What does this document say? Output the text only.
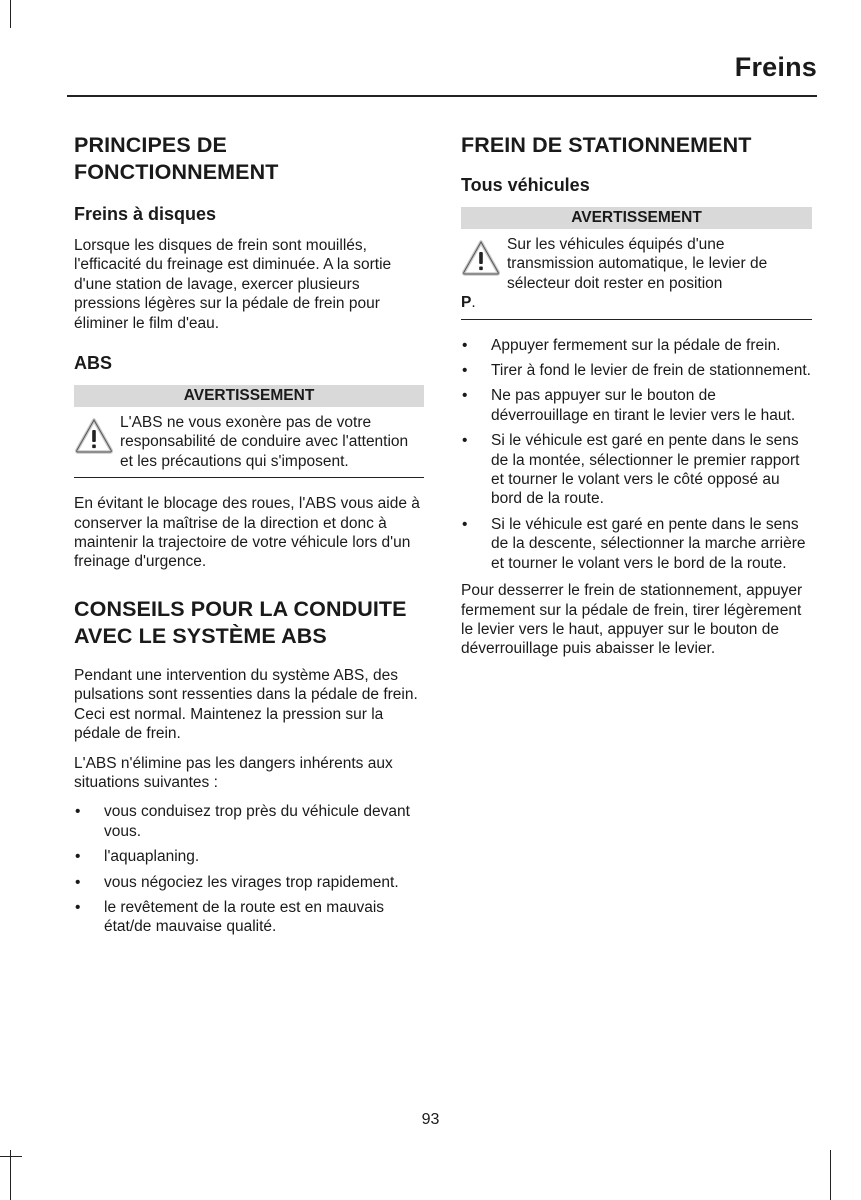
Freins
PRINCIPES DE FONCTIONNEMENT
Freins à disques

Lorsque les disques de frein sont mouillés, l'efficacité du freinage est diminuée. A la sortie d'une station de lavage, exercer plusieurs pressions légères sur la pédale de frein pour éliminer le film d'eau.

ABS
AVERTISSEMENT
L'ABS ne vous exonère pas de votre responsabilité de conduire avec l'attention et les précautions qui s'imposent.

En évitant le blocage des roues, l'ABS vous aide à conserver la maîtrise de la direction et donc à maintenir la trajectoire de votre véhicule lors d'un freinage d'urgence.

CONSEILS POUR LA CONDUITE AVEC LE SYSTÈME ABS

Pendant une intervention du système ABS, des pulsations sont ressenties dans la pédale de frein. Ceci est normal. Maintenez la pression sur la pédale de frein.

L'ABS n'élimine pas les dangers inhérents aux situations suivantes :

• vous conduisez trop près du véhicule devant vous.
• l'aquaplaning.
• vous négociez les virages trop rapidement.
• le revêtement de la route est en mauvais état/de mauvaise qualité.
FREIN DE STATIONNEMENT
Tous véhicules
AVERTISSEMENT
Sur les véhicules équipés d'une transmission automatique, le levier de sélecteur doit rester en position
P.
• Appuyer fermement sur la pédale de frein.
• Tirer à fond le levier de frein de stationnement.
• Ne pas appuyer sur le bouton de déverrouillage en tirant le levier vers le haut.
• Si le véhicule est garé en pente dans le sens de la montée, sélectionner le premier rapport et tourner le volant vers le côté opposé au bord de la route.
• Si le véhicule est garé en pente dans le sens de la descente, sélectionner la marche arrière et tourner le volant vers le bord de la route.

Pour desserrer le frein de stationnement, appuyer fermement sur la pédale de frein, tirer légèrement le levier vers le haut, appuyer sur le bouton de déverrouillage puis abaisser le levier.

93
